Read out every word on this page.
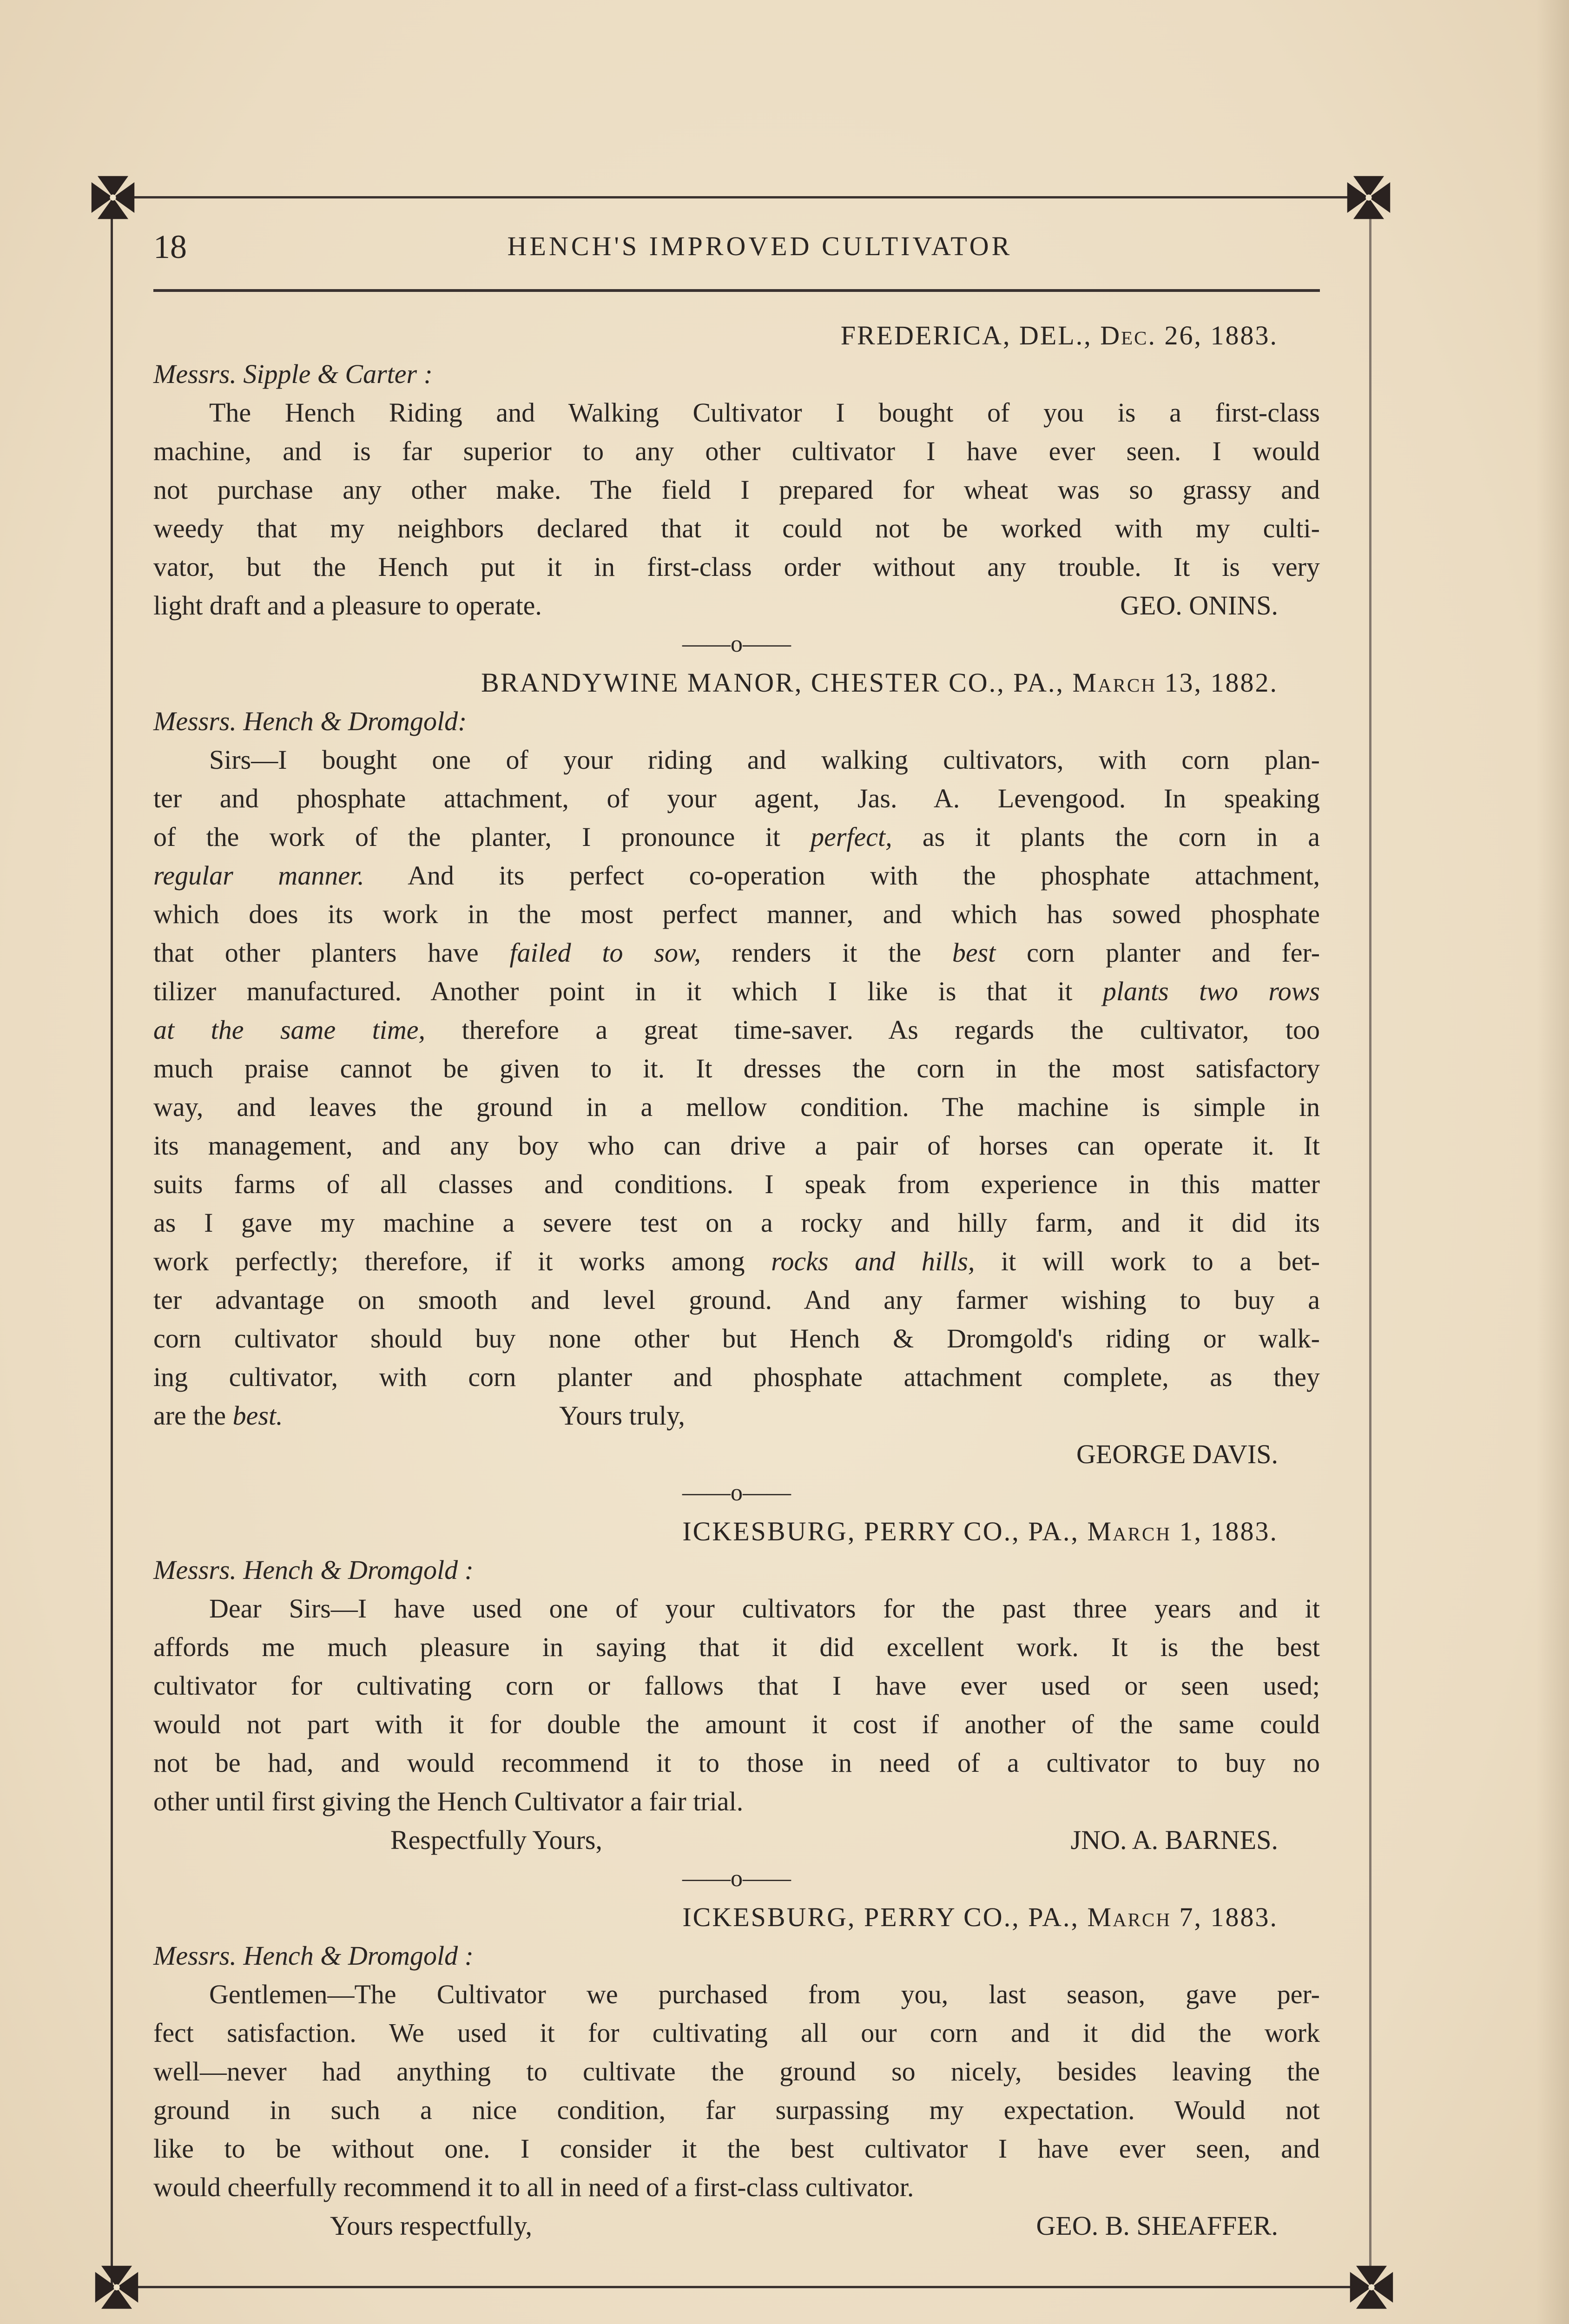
18	HENCH'S IMPROVED CULTIVATOR
FREDERICA, DEL., Dec. 26, 1883.
Messrs. Sipple & Carter :
The Hench Riding and Walking Cultivator I bought of you is a first-class
machine, and is far superior to any other cultivator I have ever seen. I would
not purchase any other make. The field I prepared for wheat was so grassy and
weedy that my neighbors declared that it could not be worked with my culti-
vator, but the Hench put it in first-class order without any trouble. It is very
light draft and a pleasure to operate.	GEO. ONINS.
——o——
BRANDYWINE MANOR, CHESTER CO., PA., March 13, 1882.
Messrs. Hench & Dromgold:
Sirs—I bought one of your riding and walking cultivators, with corn plan-
ter and phosphate attachment, of your agent, Jas. A. Levengood. In speaking
of the work of the planter, I pronounce it perfect, as it plants the corn in a
regular manner. And its perfect co-operation with the phosphate attachment,
which does its work in the most perfect manner, and which has sowed phosphate
that other planters have failed to sow, renders it the best corn planter and fer-
tilizer manufactured. Another point in it which I like is that it plants two rows
at the same time, therefore a great time-saver. As regards the cultivator, too
much praise cannot be given to it. It dresses the corn in the most satisfactory
way, and leaves the ground in a mellow condition. The machine is simple in
its management, and any boy who can drive a pair of horses can operate it. It
suits farms of all classes and conditions. I speak from experience in this matter
as I gave my machine a severe test on a rocky and hilly farm, and it did its
work perfectly; therefore, if it works among rocks and hills, it will work to a bet-
ter advantage on smooth and level ground. And any farmer wishing to buy a
corn cultivator should buy none other but Hench & Dromgold's riding or walk-
ing cultivator, with corn planter and phosphate attachment complete, as they
are the best.	Yours truly,
GEORGE DAVIS.
——o——
ICKESBURG, PERRY CO., PA., March 1, 1883.
Messrs. Hench & Dromgold :
Dear Sirs—I have used one of your cultivators for the past three years and it
affords me much pleasure in saying that it did excellent work. It is the best
cultivator for cultivating corn or fallows that I have ever used or seen used;
would not part with it for double the amount it cost if another of the same could
not be had, and would recommend it to those in need of a cultivator to buy no
other until first giving the Hench Cultivator a fair trial.
Respectfully Yours,	JNO. A. BARNES.
——o——
ICKESBURG, PERRY CO., PA., March 7, 1883.
Messrs. Hench & Dromgold :
Gentlemen—The Cultivator we purchased from you, last season, gave per-
fect satisfaction. We used it for cultivating all our corn and it did the work
well—never had anything to cultivate the ground so nicely, besides leaving the
ground in such a nice condition, far surpassing my expectation. Would not
like to be without one. I consider it the best cultivator I have ever seen, and
would cheerfully recommend it to all in need of a first-class cultivator.
Yours respectfully,	GEO. B. SHEAFFER.
